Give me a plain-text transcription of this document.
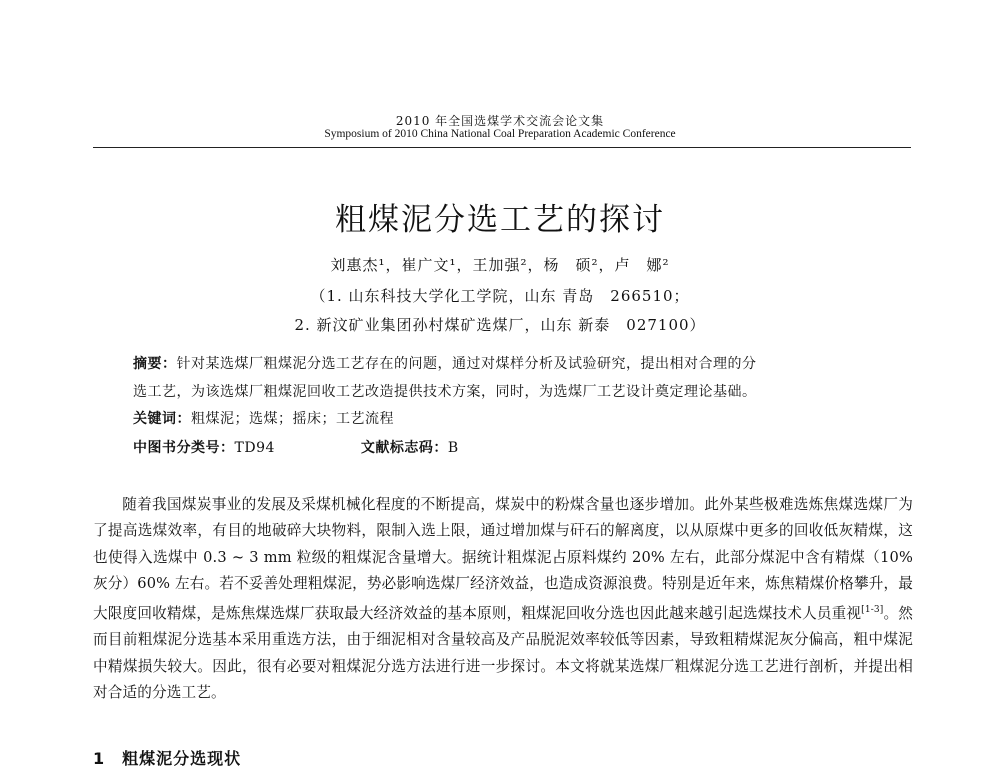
2010 年全国选煤学术交流会论文集
Symposium of 2010 China National Coal Preparation Academic Conference
粗煤泥分选工艺的探讨
刘惠杰¹，崔广文¹，王加强²，杨　硕²，卢　娜²
（1. 山东科技大学化工学院，山东 青岛　266510；
2. 新汶矿业集团孙村煤矿选煤厂，山东 新泰　027100）
摘要：针对某选煤厂粗煤泥分选工艺存在的问题，通过对煤样分析及试验研究，提出相对合理的分
选工艺，为该选煤厂粗煤泥回收工艺改造提供技术方案，同时，为选煤厂工艺设计奠定理论基础。
关键词：粗煤泥；选煤；摇床；工艺流程
中图书分类号：TD94	文献标志码：B

随着我国煤炭事业的发展及采煤机械化程度的不断提高，煤炭中的粉煤含量也逐步增加。此外某些极难选炼焦煤选煤厂为了提高选煤效率，有目的地破碎大块物料，限制入选上限，通过增加煤与矸石的解离度，以从原煤中更多的回收低灰精煤，这也使得入选煤中 0.3 ~ 3 mm 粒级的粗煤泥含量增大。据统计粗煤泥占原料煤约 20% 左右，此部分煤泥中含有精煤（10% 灰分）60% 左右。若不妥善处理粗煤泥，势必影响选煤厂经济效益，也造成资源浪费。特别是近年来，炼焦精煤价格攀升，最大限度回收精煤，是炼焦煤选煤厂获取最大经济效益的基本原则，粗煤泥回收分选也因此越来越引起选煤技术人员重视[1-3]。然而目前粗煤泥分选基本采用重选方法，由于细泥相对含量较高及产品脱泥效率较低等因素，导致粗精煤泥灰分偏高，粗中煤泥中精煤损失较大。因此，很有必要对粗煤泥分选方法进行进一步探讨。本文将就某选煤厂粗煤泥分选工艺进行剖析，并提出相对合适的分选工艺。

1　粗煤泥分选现状
